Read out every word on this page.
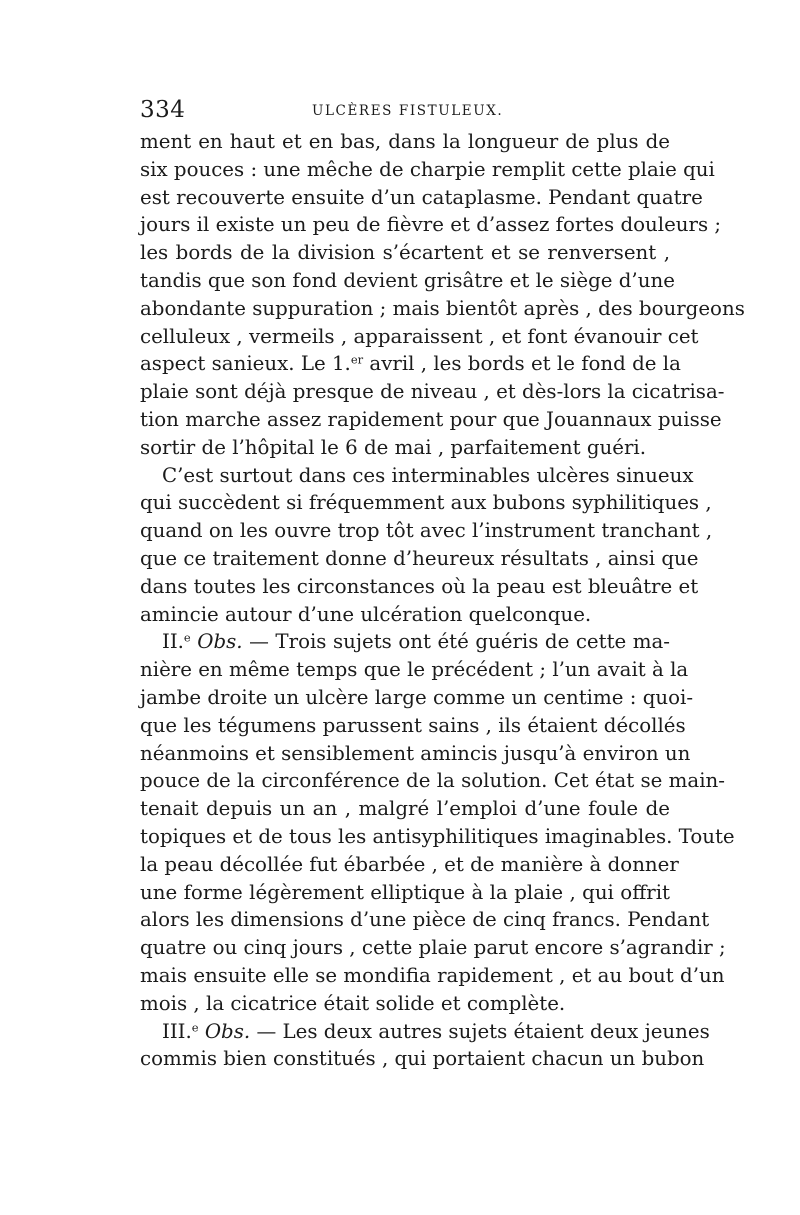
334	ULCÈRES FISTULEUX.
ment en haut et en bas, dans la longueur de plus de
six pouces : une mêche de charpie remplit cette plaie qui
est recouverte ensuite d’un cataplasme. Pendant quatre
jours il existe un peu de fièvre et d’assez fortes douleurs ;
les bords de la division s’écartent et se renversent ,
tandis que son fond devient grisâtre et le siège d’une
abondante suppuration ; mais bientôt après , des bourgeons
celluleux , vermeils , apparaissent , et font évanouir cet
aspect sanieux. Le 1.$^{er}$ avril , les bords et le fond de la
plaie sont déjà presque de niveau , et dès-lors la cicatrisa-
tion marche assez rapidement pour que Jouannaux puisse
sortir de l’hôpital le 6 de mai , parfaitement guéri.
C’est surtout dans ces interminables ulcères sinueux
qui succèdent si fréquemment aux bubons syphilitiques ,
quand on les ouvre trop tôt avec l’instrument tranchant ,
que ce traitement donne d’heureux résultats , ainsi que
dans toutes les circonstances où la peau est bleuâtre et
amincie autour d’une ulcération quelconque.
II.$^e$ Obs. — Trois sujets ont été guéris de cette ma-
nière en même temps que le précédent ; l’un avait à la
jambe droite un ulcère large comme un centime : quoi-
que les tégumens parussent sains , ils étaient décollés
néanmoins et sensiblement amincis jusqu’à environ un
pouce de la circonférence de la solution. Cet état se main-
tenait depuis un an , malgré l’emploi d’une foule de
topiques et de tous les antisyphilitiques imaginables. Toute
la peau décollée fut ébarbée , et de manière à donner
une forme légèrement elliptique à la plaie , qui offrit
alors les dimensions d’une pièce de cinq francs. Pendant
quatre ou cinq jours , cette plaie parut encore s’agrandir ;
mais ensuite elle se mondifia rapidement , et au bout d’un
mois , la cicatrice était solide et complète.
III.$^e$ Obs. — Les deux autres sujets étaient deux jeunes
commis bien constitués , qui portaient chacun un bubon
